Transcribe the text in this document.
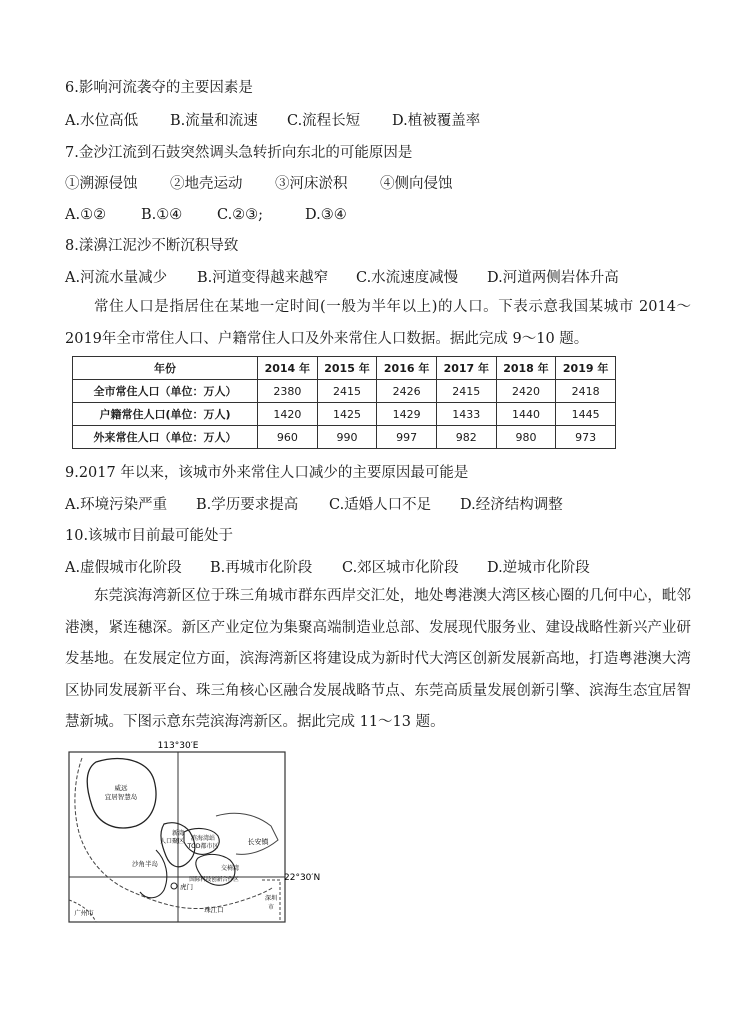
6.影响河流袭夺的主要因素是
A.水位高低 B.流量和流速 C.流程长短 D.植被覆盖率
7.金沙江流到石鼓突然调头急转折向东北的可能原因是
①溯源侵蚀 ②地壳运动 ③河床淤积 ④侧向侵蚀
A.①② B.①④ C.②③;	D.③④
8.漾濞江泥沙不断沉积导致
A.河流水量减少 B.河道变得越来越窄 C.水流速度减慢 D.河道两侧岩体升高
常住人口是指居住在某地一定时间(一般为半年以上)的人口。下表示意我国某城市 2014～2019年全市常住人口、户籍常住人口及外来常住人口数据。据此完成 9～10 题。
年份	2014 年	2015 年	2016 年	2017 年	2018 年	2019 年
全市常住人口（单位：万人）	2380	2415	2426	2415	2420	2418
户籍常住人口(单位：万人)	1420	1425	1429	1433	1440	1445
外来常住人口（单位：万人）	960	990	997	982	980	973
9.2017 年以来，该城市外来常住人口减少的主要原因最可能是
A.环境污染严重 B.学历要求提高 C.适婚人口不足 D.经济结构调整
10.该城市目前最可能处于
A.虚假城市化阶段 B.再城市化阶段 C.郊区城市化阶段 D.逆城市化阶段
东莞滨海湾新区位于珠三角城市群东西岸交汇处，地处粤港澳大湾区核心圈的几何中心，毗邻港澳，紧连穗深。新区产业定位为集聚高端制造业总部、发展现代服务业、建设战略性新兴产业研发基地。在发展定位方面，滨海湾新区将建设成为新时代大湾区创新发展新高地，打造粤港澳大湾区协同发展新平台、珠三角核心区融合发展战略节点、东莞高质量发展创新引擎、滨海生态宜居智慧新城。下图示意东莞滨海湾新区。据此完成 11～13 题。
113°30′E
22°30′N
威远
宜居智慧岛
新湾
人口聚区 滨海湾站
TOD都市区
长安镇
交椅湾
国际科技创新合作区
沙角半岛
虎门
深圳
市
广州市	珠江口
